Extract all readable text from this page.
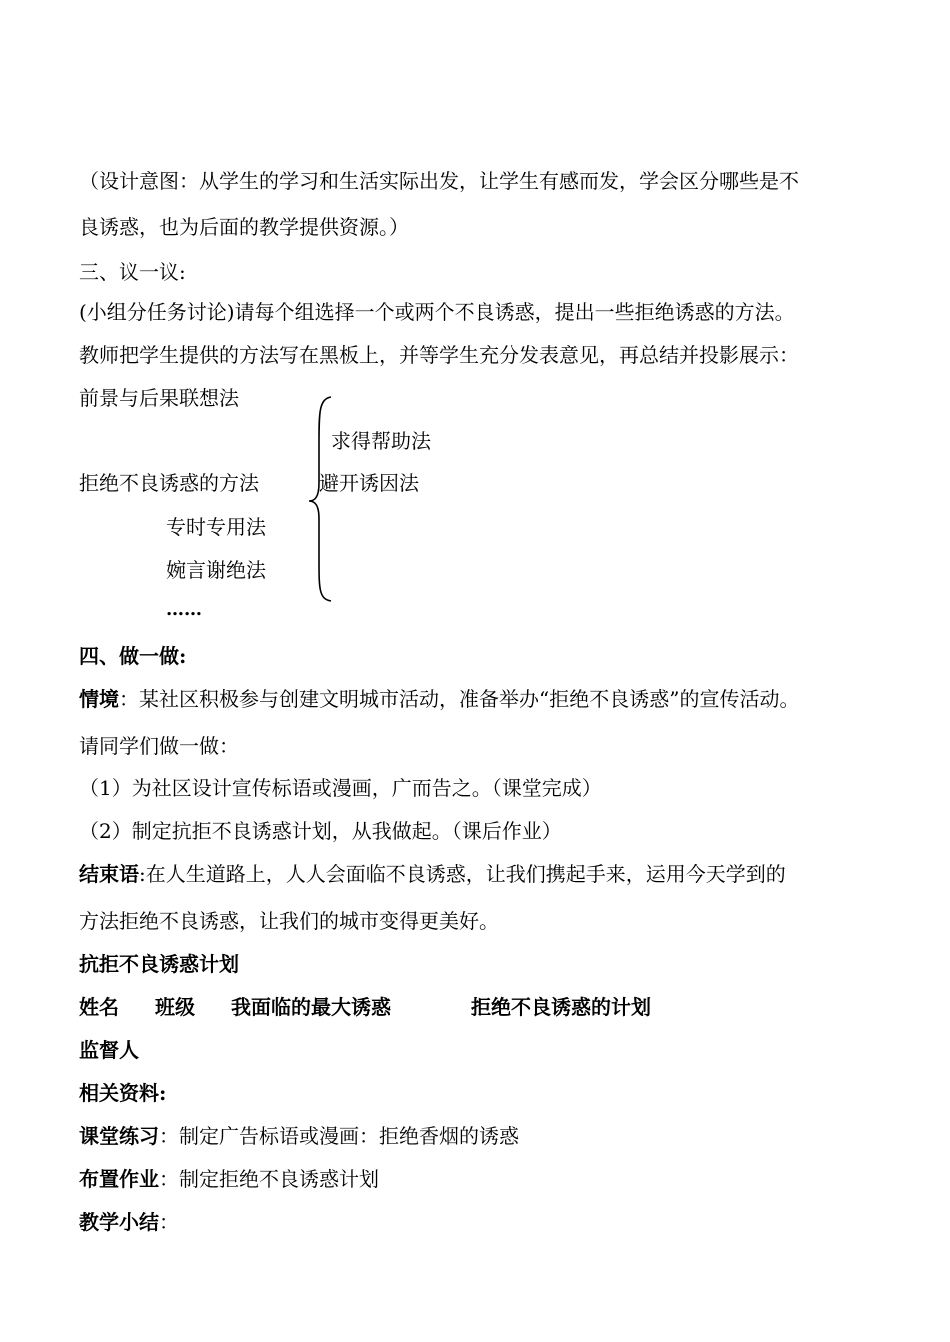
（设计意图：从学生的学习和生活实际出发，让学生有感而发，学会区分哪些是不
良诱惑，也为后面的教学提供资源。）
三、议一议:
(小组分任务讨论)请每个组选择一个或两个不良诱惑，提出一些拒绝诱惑的方法。
教师把学生提供的方法写在黑板上，并等学生充分发表意见，再总结并投影展示：
前景与后果联想法
求得帮助法
拒绝不良诱惑的方法	避开诱因法
专时专用法
婉言谢绝法
……
四、做一做:
情境：某社区积极参与创建文明城市活动，准备举办“拒绝不良诱惑”的宣传活动。
请同学们做一做：
（1）为社区设计宣传标语或漫画，广而告之。（课堂完成）
（2）制定抗拒不良诱惑计划，从我做起。（课后作业）
结束语:在人生道路上，人人会面临不良诱惑，让我们携起手来，运用今天学到的
方法拒绝不良诱惑，让我们的城市变得更美好。
抗拒不良诱惑计划
姓名 班级 我面临的最大诱惑	拒绝不良诱惑的计划
监督人
相关资料:
课堂练习：制定广告标语或漫画：拒绝香烟的诱惑
布置作业：制定拒绝不良诱惑计划
教学小结：
